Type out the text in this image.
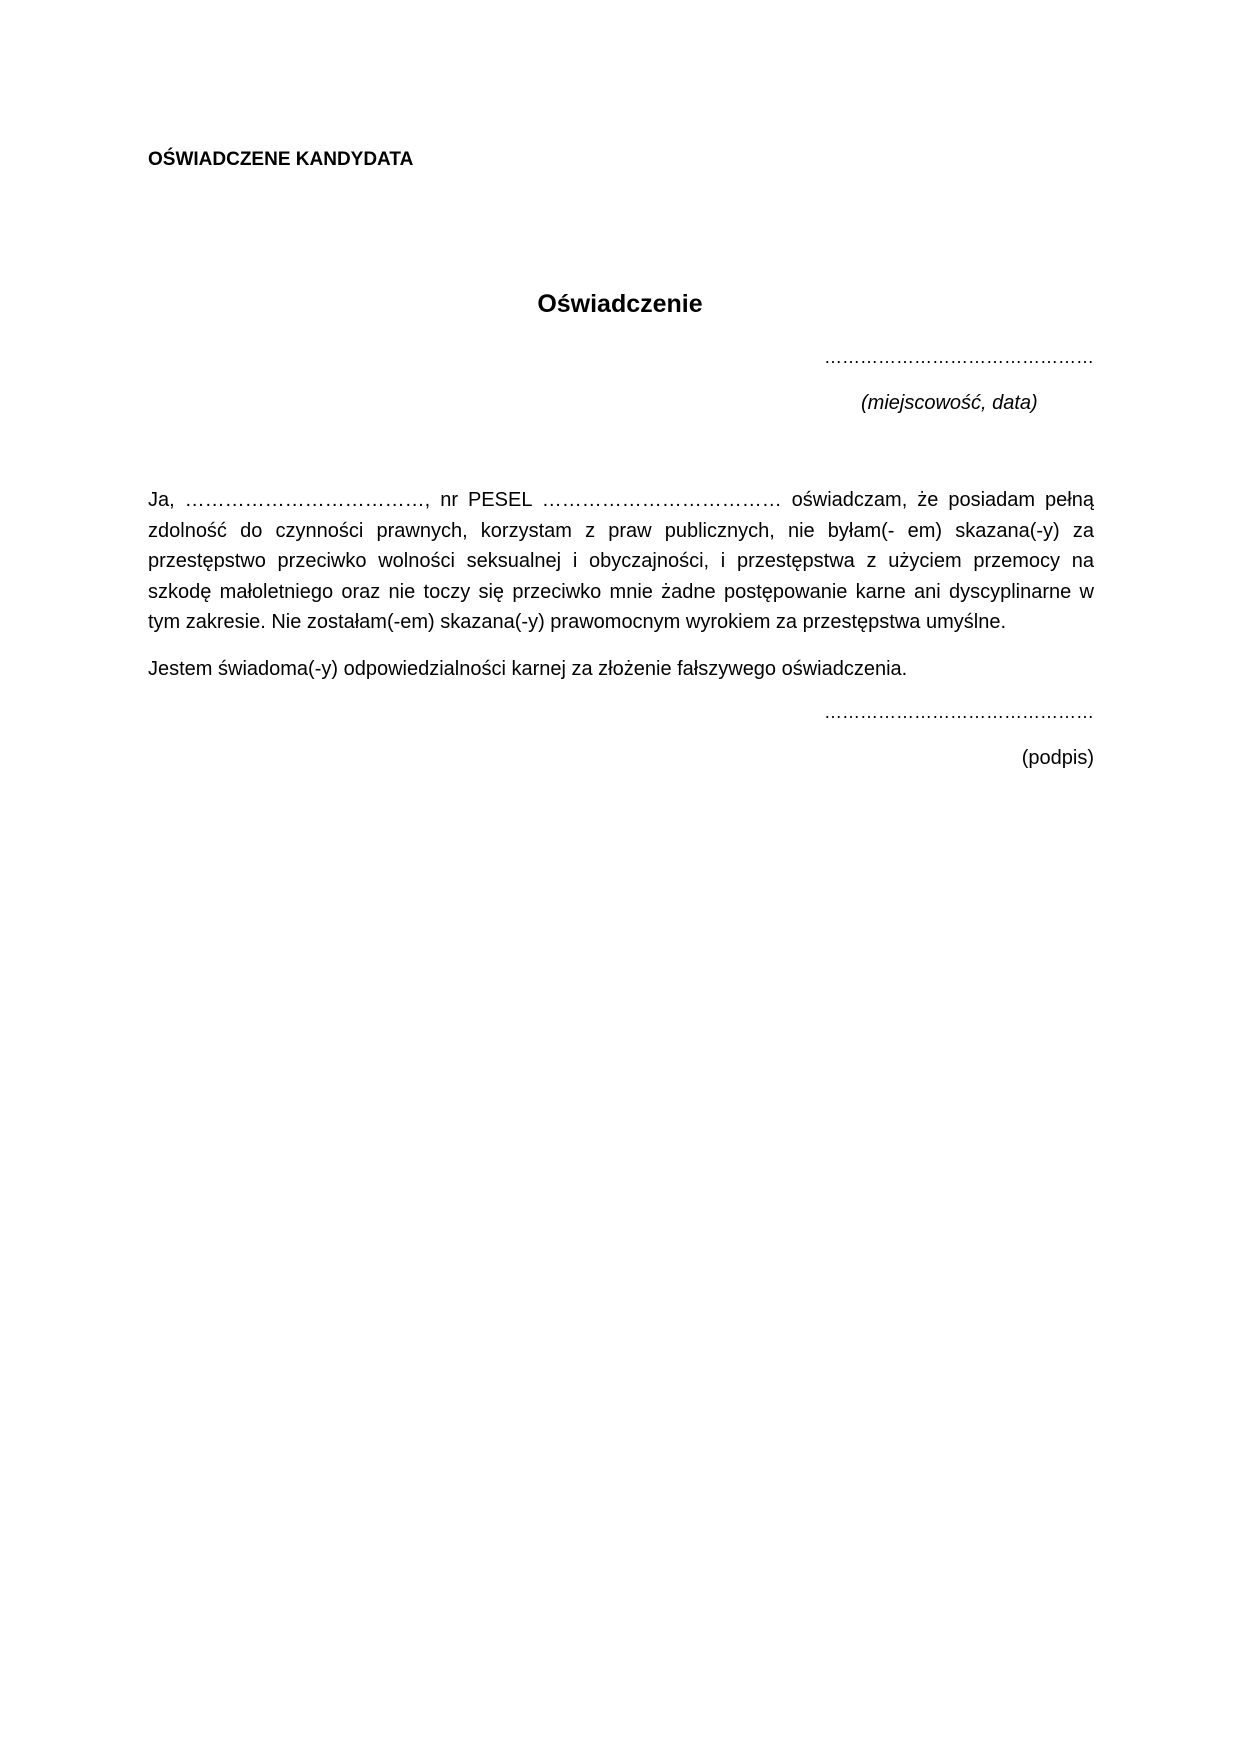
OŚWIADCZENE KANDYDATA
Oświadczenie
………………………………………
(miejscowość, data)

Ja, ………………………………, nr PESEL ……………………………… oświadczam, że posiadam pełną zdolność do czynności prawnych, korzystam z praw publicznych, nie byłam(- em) skazana(-y) za przestępstwo przeciwko wolności seksualnej i obyczajności, i przestępstwa z użyciem przemocy na szkodę małoletniego oraz nie toczy się przeciwko mnie żadne postępowanie karne ani dyscyplinarne w tym zakresie. Nie zostałam(-em) skazana(-y) prawomocnym wyrokiem za przestępstwa umyślne.

Jestem świadoma(-y) odpowiedzialności karnej za złożenie fałszywego oświadczenia.

………………………………………
(podpis)
